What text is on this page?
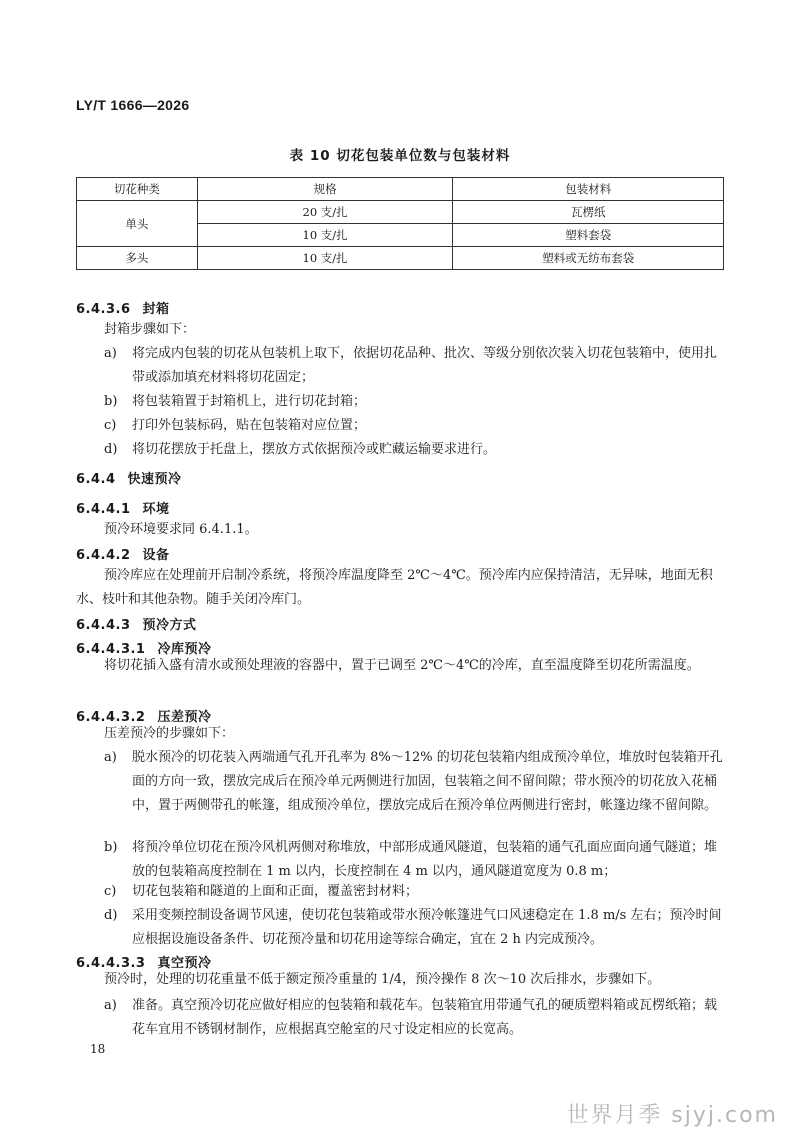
LY/T 1666—2026
表 10 切花包装单位数与包装材料
切花种类	规格	包装材料
单头	20 支/扎	瓦楞纸
	10 支/扎	塑料套袋
多头	10 支/扎	塑料或无纺布套袋
6.4.3.6 封箱
封箱步骤如下：
a)	将完成内包装的切花从包装机上取下，依据切花品种、批次、等级分别依次装入切花包装箱中，使用扎带或添加填充材料将切花固定；
b)	将包装箱置于封箱机上，进行切花封箱；
c)	打印外包装标码，贴在包装箱对应位置；
d)	将切花摆放于托盘上，摆放方式依据预冷或贮藏运输要求进行。
6.4.4 快速预冷
6.4.4.1 环境
预冷环境要求同 6.4.1.1。
6.4.4.2 设备
预冷库应在处理前开启制冷系统，将预冷库温度降至 2℃～4℃。预冷库内应保持清洁，无异味，地面无积水、枝叶和其他杂物。随手关闭冷库门。
6.4.4.3 预冷方式
6.4.4.3.1 冷库预冷
将切花插入盛有清水或预处理液的容器中，置于已调至 2℃～4℃的冷库，直至温度降至切花所需温度。
6.4.4.3.2 压差预冷
压差预冷的步骤如下：
a)	脱水预冷的切花装入两端通气孔开孔率为 8%～12% 的切花包装箱内组成预冷单位，堆放时包装箱开孔面的方向一致，摆放完成后在预冷单元两侧进行加固，包装箱之间不留间隙；带水预冷的切花放入花桶中，置于两侧带孔的帐篷，组成预冷单位，摆放完成后在预冷单位两侧进行密封，帐篷边缘不留间隙。
b)	将预冷单位切花在预冷风机两侧对称堆放，中部形成通风隧道，包装箱的通气孔面应面向通气隧道；堆放的包装箱高度控制在 1 m 以内，长度控制在 4 m 以内，通风隧道宽度为 0.8 m；
c)	切花包装箱和隧道的上面和正面，覆盖密封材料；
d)	采用变频控制设备调节风速，使切花包装箱或带水预冷帐篷进气口风速稳定在 1.8 m/s 左右；预冷时间应根据设施设备条件、切花预冷量和切花用途等综合确定，宜在 2 h 内完成预冷。
6.4.4.3.3 真空预冷
预冷时，处理的切花重量不低于额定预冷重量的 1/4，预冷操作 8 次～10 次后排水，步骤如下。
a)	准备。真空预冷切花应做好相应的包装箱和载花车。包装箱宜用带通气孔的硬质塑料箱或瓦楞纸箱；载花车宜用不锈钢材制作，应根据真空舱室的尺寸设定相应的长宽高。
18
世界月季 sjyj.com
